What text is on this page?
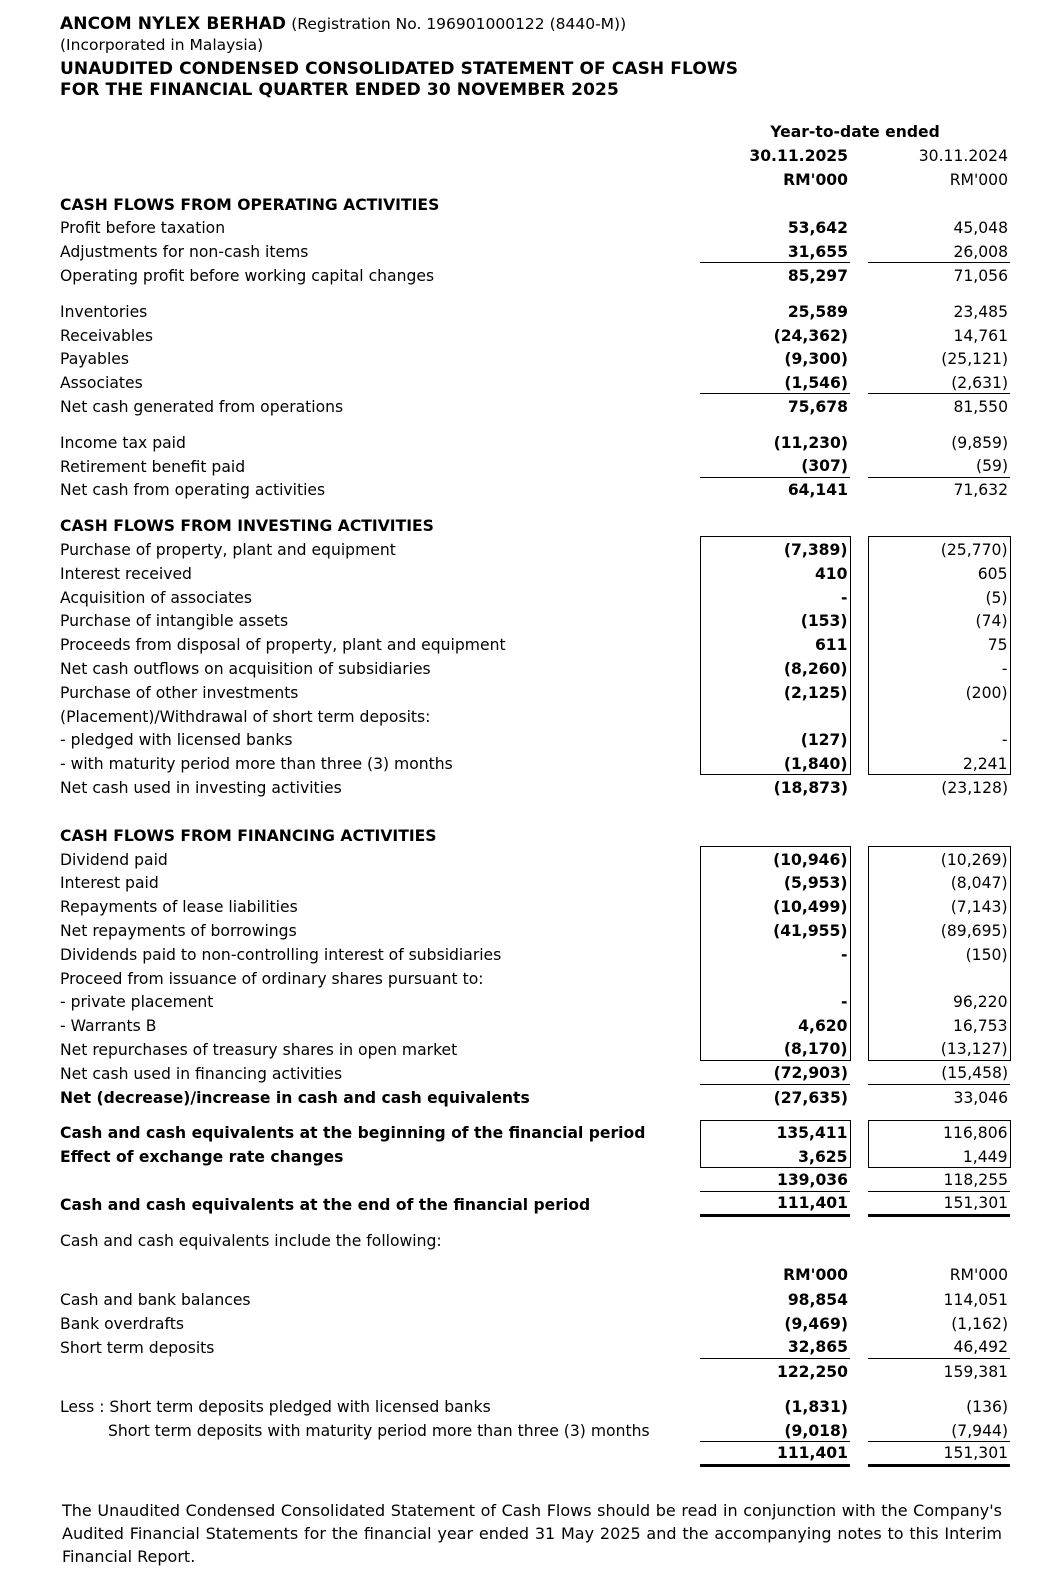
ANCOM NYLEX BERHAD (Registration No. 196901000122 (8440-M))
(Incorporated in Malaysia)
UNAUDITED CONDENSED CONSOLIDATED STATEMENT OF CASH FLOWS
FOR THE FINANCIAL QUARTER ENDED 30 NOVEMBER 2025
		Year-to-date ended		
		30.11.2025		30.11.2024
		RM'000		RM'000
CASH FLOWS FROM OPERATING ACTIVITIES				
Profit before taxation		53,642		45,048
Adjustments for non-cash items		31,655		26,008
Operating profit before working capital changes		85,297		71,056

Inventories		25,589		23,485
Receivables		(24,362)		14,761
Payables		(9,300)		(25,121)
Associates		(1,546)		(2,631)
Net cash generated from operations		75,678		81,550

Income tax paid		(11,230)		(9,859)
Retirement benefit paid		(307)		(59)
Net cash from operating activities		64,141		71,632

CASH FLOWS FROM INVESTING ACTIVITIES				
Purchase of property, plant and equipment		(7,389)		(25,770)
Interest received		410		605
Acquisition of associates		-		(5)
Purchase of intangible assets		(153)		(74)
Proceeds from disposal of property, plant and equipment		611		75
Net cash outflows on acquisition of subsidiaries		(8,260)		-
Purchase of other investments		(2,125)		(200)
(Placement)/Withdrawal of short term deposits:				
- pledged with licensed banks		(127)		-
- with maturity period more than three (3) months		(1,840)		2,241
Net cash used in investing activities		(18,873)		(23,128)

CASH FLOWS FROM FINANCING ACTIVITIES				
Dividend paid		(10,946)		(10,269)
Interest paid		(5,953)		(8,047)
Repayments of lease liabilities		(10,499)		(7,143)
Net repayments of borrowings		(41,955)		(89,695)
Dividends paid to non-controlling interest of subsidiaries		-		(150)
Proceed from issuance of ordinary shares pursuant to:				
- private placement		-		96,220
- Warrants B		4,620		16,753
Net repurchases of treasury shares in open market		(8,170)		(13,127)
Net cash used in financing activities		(72,903)		(15,458)
Net (decrease)/increase in cash and cash equivalents		(27,635)		33,046

Cash and cash equivalents at the beginning of the financial period		135,411		116,806
Effect of exchange rate changes		3,625		1,449
		139,036		118,255
Cash and cash equivalents at the end of the financial period		111,401		151,301

Cash and cash equivalents include the following:				

		RM'000		RM'000
Cash and bank balances		98,854		114,051
Bank overdrafts		(9,469)		(1,162)
Short term deposits		32,865		46,492
		122,250		159,381

Less : Short term deposits pledged with licensed banks		(1,831)		(136)
Short term deposits with maturity period more than three (3) months		(9,018)		(7,944)
		111,401		151,301
The Unaudited Condensed Consolidated Statement of Cash Flows should be read in conjunction with the Company's Audited Financial Statements for the financial year ended 31 May 2025 and the accompanying notes to this Interim Financial Report.
